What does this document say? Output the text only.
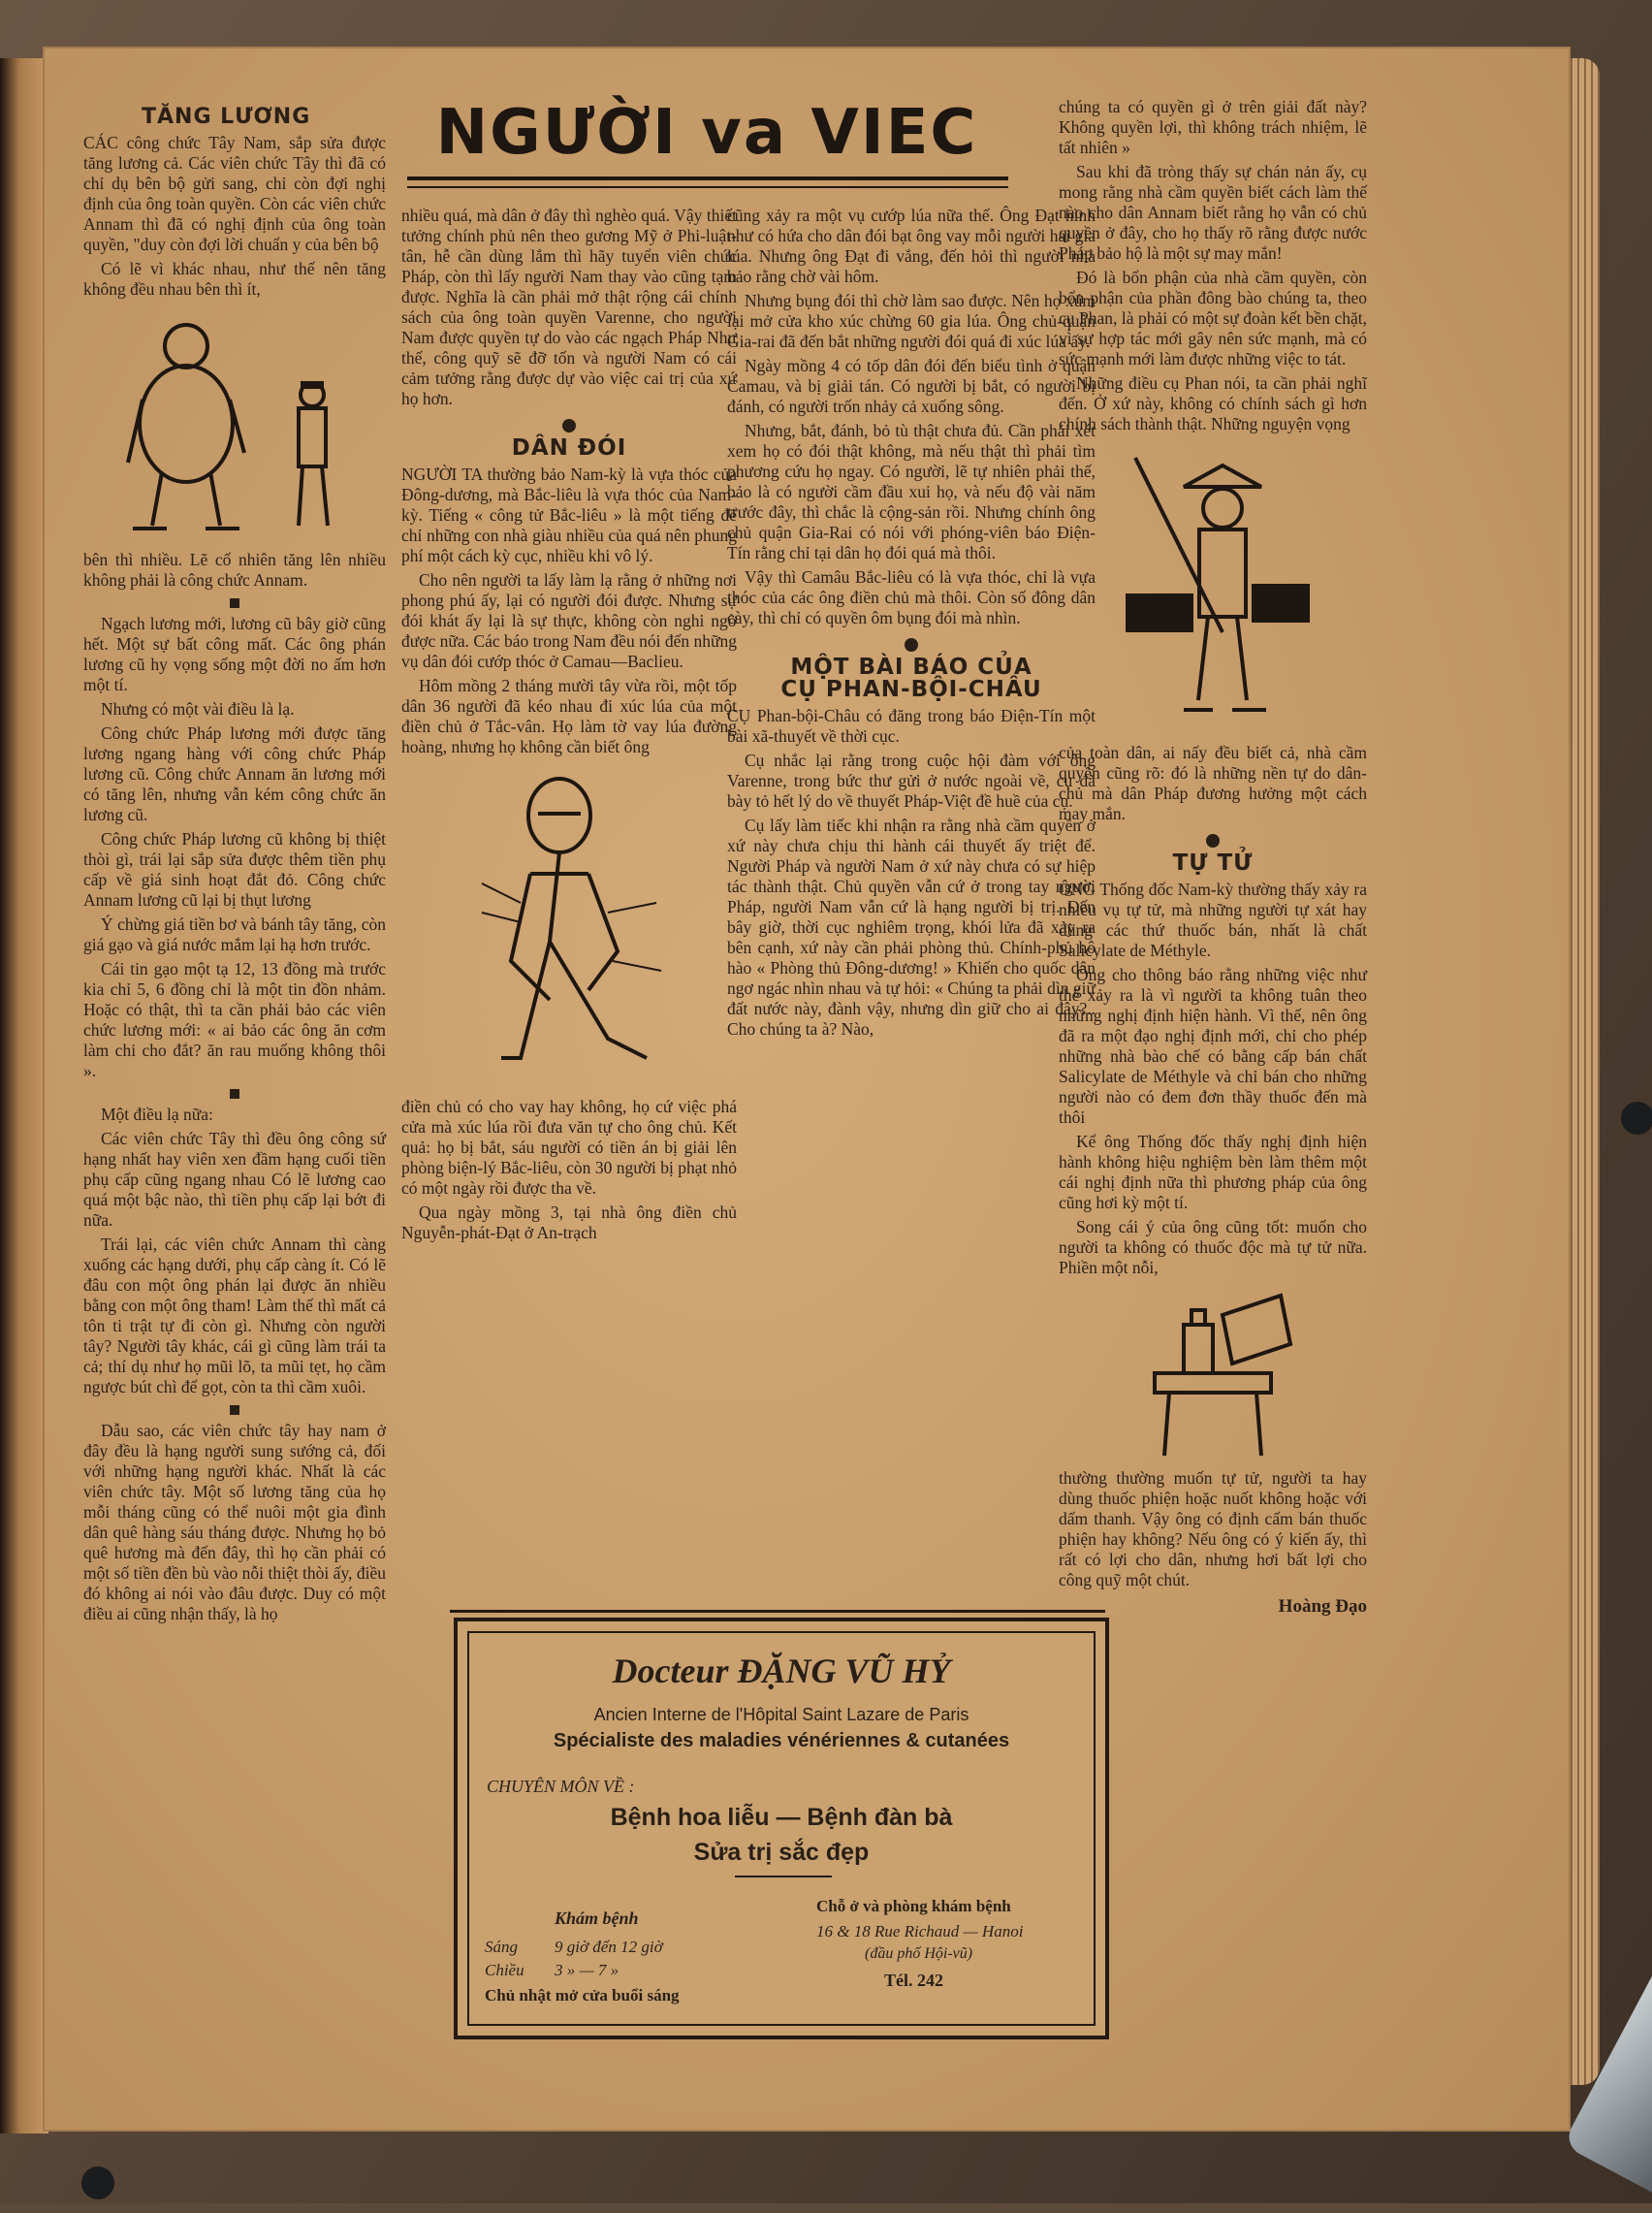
NGƯỜI va VIEC
TĂNG LƯƠNG

CÁC công chức Tây Nam, sắp sửa được tăng lương cả. Các viên chức Tây thì đã có chỉ dụ bên bộ gửi sang, chỉ còn đợi nghị định của ông toàn quyền. Còn các viên chức Annam thì đã có nghị định của ông toàn quyền, "duy còn đợi lời chuẩn y của bên bộ

Có lẽ vì khác nhau, như thế nên tăng không đều nhau bên thì ít,

bên thì nhiều. Lẽ cố nhiên tăng lên nhiều không phải là công chức Annam.

Ngạch lương mới, lương cũ bây giờ cũng hết. Một sự bất công mất. Các ông phán lương cũ hy vọng sống một đời no ấm hơn một tí.

Nhưng có một vài điều là lạ.

Công chức Pháp lương mới được tăng lương ngang hàng với công chức Pháp lương cũ. Công chức Annam ăn lương mới có tăng lên, nhưng vẫn kém công chức ăn lương cũ.

Công chức Pháp lương cũ không bị thiệt thòi gì, trái lại sắp sửa được thêm tiền phụ cấp về giá sinh hoạt đắt đỏ. Công chức Annam lương cũ lại bị thụt lương

Ý chừng giá tiền bơ và bánh tây tăng, còn giá gạo và giá nước mắm lại hạ hơn trước.

Cái tin gạo một tạ 12, 13 đồng mà trước kia chỉ 5, 6 đồng chỉ là một tin đồn nhảm. Hoặc có thật, thì ta cần phải bảo các viên chức lương mới: « ai bảo các ông ăn cơm làm chi cho đắt? ăn rau muống không thôi ».

Một điều lạ nữa:

Các viên chức Tây thì đều ông công sứ hạng nhất hay viên xen đầm hạng cuối tiền phụ cấp cũng ngang nhau Có lẽ lương cao quá một bậc nào, thì tiền phụ cấp lại bớt đi nữa.

Trái lại, các viên chức Annam thì càng xuống các hạng dưới, phụ cấp càng ít. Có lẽ đâu con một ông phán lại được ăn nhiều bằng con một ông tham! Làm thế thì mất cả tôn ti trật tự đi còn gì. Nhưng còn người tây? Người tây khác, cái gì cũng làm trái ta cả; thí dụ như họ mũi lõ, ta mũi tẹt, họ cầm ngược bút chì để gọt, còn ta thì cầm xuôi.

Dẫu sao, các viên chức tây hay nam ở đây đều là hạng người sung sướng cả, đối với những hạng người khác. Nhất là các viên chức tây. Một số lương tăng của họ mỗi tháng cũng có thể nuôi một gia đình dân quê hàng sáu tháng được. Nhưng họ bỏ quê hương mà đến đây, thì họ cần phải có một số tiền đền bù vào nỗi thiệt thòi ấy, điều đó không ai nói vào đâu được. Duy có một điều ai cũng nhận thấy, là họ

nhiều quá, mà dân ở đây thì nghèo quá. Vậy thiết tưởng chính phủ nên theo gương Mỹ ở Phi-luật-tân, hễ cần dùng lắm thì hãy tuyển viên chức Pháp, còn thì lấy người Nam thay vào cũng tạm được. Nghĩa là cần phải mở thật rộng cái chính sách của ông toàn quyền Varenne, cho người Nam được quyền tự do vào các ngạch Pháp Như thế, công quỹ sẽ đỡ tốn và người Nam có cái cảm tưởng rằng được dự vào việc cai trị của xứ họ hơn.

DÂN ĐÓI

NGƯỜI TA thường bảo Nam-kỳ là vựa thóc của Đông-dương, mà Bắc-liêu là vựa thóc của Nam-kỳ. Tiếng « công tử Bắc-liêu » là một tiếng để chỉ những con nhà giàu nhiều của quá nên phung phí một cách kỳ cục, nhiều khi vô lý.

Cho nên người ta lấy làm lạ rằng ở những nơi phong phú ấy, lại có người đói được. Nhưng sự đói khát ấy lại là sự thực, không còn nghi ngờ được nữa. Các báo trong Nam đều nói đến những vụ dân đói cướp thóc ở Camau—Baclieu.

Hôm mồng 2 tháng mười tây vừa rồi, một tốp dân 36 người đã kéo nhau đi xúc lúa của một điền chủ ở Tắc-vân. Họ làm tờ vay lúa đường hoàng, nhưng họ không cần biết ông

điền chủ có cho vay hay không, họ cứ việc phá cửa mà xúc lúa rồi đưa văn tự cho ông chủ. Kết quả: họ bị bắt, sáu người có tiền án bị giải lên phòng biện-lý Bắc-liêu, còn 30 người bị phạt nhỏ có một ngày rồi được tha về.

Qua ngày mồng 3, tại nhà ông điền chủ Nguyễn-phát-Đạt ở An-trạch

cũng xảy ra một vụ cướp lúa nữa thế. Ông Đạt hình như có hứa cho dân đói bạt ông vay mỗi người hai gia lúa. Nhưng ông Đạt đi vắng, đến hỏi thì người nhà bảo rằng chờ vài hôm.

Nhưng bụng đói thì chờ làm sao được. Nên họ xúm lại mở cửa kho xúc chừng 60 gia lúa. Ông chủ-quận Gia-rai đã đến bắt những người đói quá đi xúc lúa ấy.

Ngày mồng 4 có tốp dân đói đến biểu tình ở quận Camau, và bị giải tán. Có người bị bắt, có người bị đánh, có người trốn nhảy cả xuống sông.

Nhưng, bắt, đánh, bỏ tù thật chưa đủ. Cần phải xét xem họ có đói thật không, mà nếu thật thì phải tìm phương cứu họ ngay. Có người, lẽ tự nhiên phải thế, bảo là có người cầm đầu xui họ, và nếu độ vài năm trước đây, thì chắc là cộng-sản rồi. Nhưng chính ông chủ quận Gia-Rai có nói với phóng-viên báo Điện-Tín rằng chỉ tại dân họ đói quá mà thôi.

Vậy thì Camâu Bắc-liêu có là vựa thóc, chỉ là vựa thóc của các ông điền chủ mà thôi. Còn số đông dân cày, thì chỉ có quyền ôm bụng đói mà nhìn.

MỘT BÀI BÁO CỦA
CỤ PHAN-BỘI-CHÂU

CỤ Phan-bội-Châu có đăng trong báo Điện-Tín một bài xã-thuyết về thời cục.

Cụ nhắc lại rằng trong cuộc hội đàm với ông Varenne, trong bức thư gửi ở nước ngoài về, cụ đã bày tỏ hết lý do về thuyết Pháp-Việt đề huề của cụ.

Cụ lấy làm tiếc khi nhận ra rằng nhà cầm quyền ở xứ này chưa chịu thi hành cái thuyết ấy triệt để. Người Pháp và người Nam ở xứ này chưa có sự hiệp tác thành thật. Chủ quyền vẫn cứ ở trong tay người Pháp, người Nam vẫn cứ là hạng người bị trị. Đến bây giờ, thời cục nghiêm trọng, khói lửa đã xảy ra bên cạnh, xứ này cần phải phòng thủ. Chính-phủ hô hào « Phòng thủ Đông-dương! » Khiến cho quốc dân ngơ ngác nhìn nhau và tự hỏi: « Chúng ta phải dìn giữ đất nước này, đành vậy, nhưng dìn giữ cho ai đây?.. Cho chúng ta à? Nào,

chúng ta có quyền gì ở trên giải đất này? Không quyền lợi, thì không trách nhiệm, lẽ tất nhiên »

Sau khi đã tròng thấy sự chán nản ấy, cụ mong rằng nhà cầm quyền biết cách làm thế nào cho dân Annam biết rằng họ vẫn có chủ quyền ở đây, cho họ thấy rõ rằng được nước Pháp bảo hộ là một sự may mắn!

Đó là bổn phận của nhà cầm quyền, còn bổn phận của phần đông bào chúng ta, theo cụ Phan, là phải có một sự đoàn kết bền chặt, vì sự hợp tác mới gây nên sức mạnh, mà có sức mạnh mới làm được những việc to tát.

Những điều cụ Phan nói, ta cần phải nghĩ đến. Ở xứ này, không có chính sách gì hơn chính sách thành thật. Những nguyện vọng

của toàn dân, ai nấy đều biết cả, nhà cầm quyền cũng rõ: đó là những nền tự do dân-chủ mà dân Pháp đương hưởng một cách may mắn.

TỰ TỬ

ÔNG Thống đốc Nam-kỳ thường thấy xảy ra nhiều vụ tự tử, mà những người tự xát hay dùng các thứ thuốc bán, nhất là chất Salicylate de Méthyle.

Ông cho thông báo rằng những việc như thế xảy ra là vì người ta không tuân theo những nghị định hiện hành. Vì thế, nên ông đã ra một đạo nghị định mới, chỉ cho phép những nhà bào chế có bằng cấp bán chất Salicylate de Méthyle và chỉ bán cho những người nào có đem đơn thầy thuốc đến mà thôi

Kể ông Thống đốc thấy nghị định hiện hành không hiệu nghiệm bèn làm thêm một cái nghị định nữa thì phương pháp của ông cũng hơi kỳ một tí.

Song cái ý của ông cũng tốt: muốn cho người ta không có thuốc độc mà tự tử nữa. Phiền một nỗi,

thường thường muốn tự tử, người ta hay dùng thuốc phiện hoặc nuốt không hoặc với dấm thanh. Vậy ông có định cấm bán thuốc phiện hay không? Nếu ông có ý kiến ấy, thì rất có lợi cho dân, nhưng hơi bất lợi cho công quỹ một chút.

Hoàng Đạo
Docteur ĐẶNG VŨ HỶ
Ancien Interne de l'Hôpital Saint Lazare de Paris
Spécialiste des maladies vénériennes & cutanées
CHUYÊN MÔN VỀ :
Bệnh hoa liễu — Bệnh đàn bà
Sửa trị sắc đẹp
Khám bệnh
Sáng 9 giờ đến 12 giờ
Chiều 3 » — 7 »
Chủ nhật mở cửa buổi sáng
Chỗ ở và phòng khám bệnh
16 & 18 Rue Richaud — Hanoi
(đầu phố Hội-vũ)
Tél. 242
